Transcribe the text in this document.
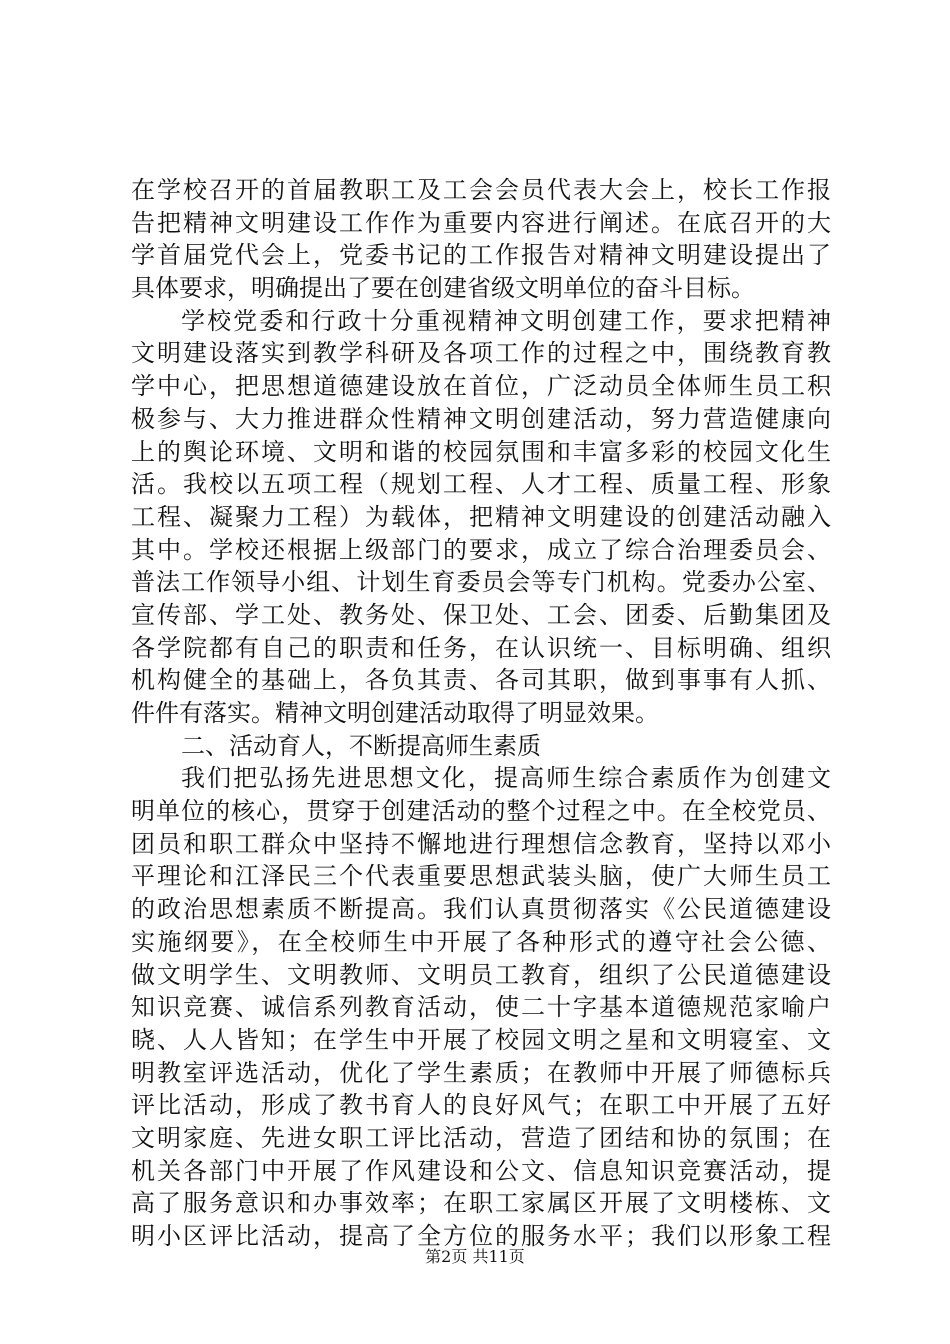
在学校召开的首届教职工及工会会员代表大会上，校长工作报
告把精神文明建设工作作为重要内容进行阐述。在底召开的大
学首届党代会上，党委书记的工作报告对精神文明建设提出了
具体要求，明确提出了要在创建省级文明单位的奋斗目标。
学校党委和行政十分重视精神文明创建工作，要求把精神
文明建设落实到教学科研及各项工作的过程之中，围绕教育教
学中心，把思想道德建设放在首位，广泛动员全体师生员工积
极参与、大力推进群众性精神文明创建活动，努力营造健康向
上的舆论环境、文明和谐的校园氛围和丰富多彩的校园文化生
活。我校以五项工程（规划工程、人才工程、质量工程、形象
工程、凝聚力工程）为载体，把精神文明建设的创建活动融入
其中。学校还根据上级部门的要求，成立了综合治理委员会、
普法工作领导小组、计划生育委员会等专门机构。党委办公室、
宣传部、学工处、教务处、保卫处、工会、团委、后勤集团及
各学院都有自己的职责和任务，在认识统一、目标明确、组织
机构健全的基础上，各负其责、各司其职，做到事事有人抓、
件件有落实。精神文明创建活动取得了明显效果。
二、活动育人，不断提高师生素质
我们把弘扬先进思想文化，提高师生综合素质作为创建文
明单位的核心，贯穿于创建活动的整个过程之中。在全校党员、
团员和职工群众中坚持不懈地进行理想信念教育，坚持以邓小
平理论和江泽民三个代表重要思想武装头脑，使广大师生员工
的政治思想素质不断提高。我们认真贯彻落实《公民道德建设
实施纲要》，在全校师生中开展了各种形式的遵守社会公德、
做文明学生、文明教师、文明员工教育，组织了公民道德建设
知识竞赛、诚信系列教育活动，使二十字基本道德规范家喻户
晓、人人皆知；在学生中开展了校园文明之星和文明寝室、文
明教室评选活动，优化了学生素质；在教师中开展了师德标兵
评比活动，形成了教书育人的良好风气；在职工中开展了五好
文明家庭、先进女职工评比活动，营造了团结和协的氛围；在
机关各部门中开展了作风建设和公文、信息知识竞赛活动，提
高了服务意识和办事效率；在职工家属区开展了文明楼栋、文
明小区评比活动，提高了全方位的服务水平；我们以形象工程
第2页 共11页
